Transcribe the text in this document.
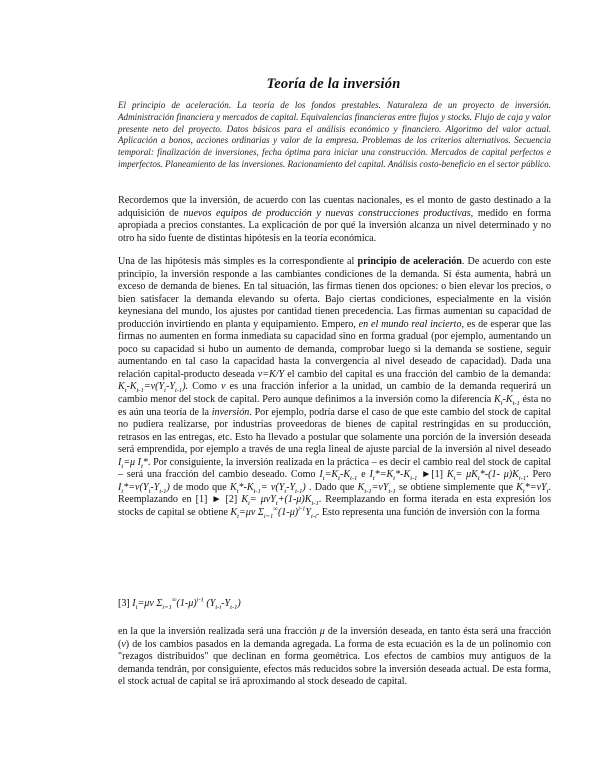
Teoría de la inversión
El principio de aceleración. La teoría de los fondos prestables. Naturaleza de un proyecto de inversión. Administración financiera y mercados de capital. Equivalencias financieras entre flujos y stocks. Flujo de caja y valor presente neto del proyecto. Datos básicos para el análisis económico y financiero. Algoritmo del valor actual. Aplicación a bonos, acciones ordinarias y valor de la empresa. Problemas de los criterios alternativos. Secuencia temporal: finalización de inversiones, fecha óptima para iniciar una construcción. Mercados de capital perfectos e imperfectos. Planeamiento de las inversiones. Racionamiento del capital. Análisis costo-beneficio en el sector público.
Recordemos que la inversión, de acuerdo con las cuentas nacionales, es el monto de gasto destinado a la adquisición de nuevos equipos de producción y nuevas construcciones productivas, medido en forma apropiada a precios constantes. La explicación de por qué la inversión alcanza un nivel determinado y no otro ha sido fuente de distintas hipótesis en la teoría económica.
Una de las hipótesis más simples es la correspondiente al principio de aceleración. De acuerdo con este principio, la inversión responde a las cambiantes condiciones de la demanda. Si ésta aumenta, habrá un exceso de demanda de bienes. En tal situación, las firmas tienen dos opciones: o bien elevar los precios, o bien satisfacer la demanda elevando su oferta. Bajo ciertas condiciones, especialmente en la visión keynesiana del mundo, los ajustes por cantidad tienen precedencia. Las firmas aumentan su capacidad de producción invirtiendo en planta y equipamiento. Empero, en el mundo real incierto, es de esperar que las firmas no aumenten en forma inmediata su capacidad sino en forma gradual (por ejemplo, aumentando un poco su capacidad si hubo un aumento de demanda, comprobar luego si la demanda se sostiene, seguir aumentando en tal caso la capacidad hasta la convergencia al nivel deseado de capacidad). Dada una relación capital-producto deseada v=K/Y el cambio del capital es una fracción del cambio de la demanda: $K_t-K_{t-1}=v(Y_t-Y_{t-1})$. Como v es una fracción inferior a la unidad, un cambio de la demanda requerirá un cambio menor del stock de capital. Pero aunque definimos a la inversión como la diferencia $K_t-K_{t-1}$ ésta no es aún una teoría de la inversión. Por ejemplo, podría darse el caso de que este cambio del stock de capital no pudiera realizarse, por industrias proveedoras de bienes de capital restringidas en su producción, retrasos en las entregas, etc. Esto ha llevado a postular que solamente una porción de la inversión deseada será emprendida, por ejemplo a través de una regla lineal de ajuste parcial de la inversión al nivel deseado $I_t=\mu$ $I_t*$. Por consiguiente, la inversión realizada en la práctica – es decir el cambio real del stock de capital – será una fracción del cambio deseado. Como $I_t=K_t-K_{t-1}$ e $I_t*=K_t*-K_{t-1}$ ►[1] $K_t= \mu K_t*-(1-$ $\mu)K_{t-1}$. Pero $I_t*=v(Y_t-Y_{t-1})$ de modo que $K_t*-K_{t-1}= v(Y_t-Y_{t-1})$ . Dado que $K_{t-1}=vY_{t-1}$ se obtiene simplemente que $K_t*=vY_t$. Reemplazando en [1] ► [2] $K_t= \mu vY_t+(1-\mu)K_{t-1}$. Reemplazando en forma iterada en esta expresión los stocks de capital se obtiene $K_t=\mu v$ $\Sigma_{i=1}^\infty(1-\mu)^{i-1}Y_{t-i}$. Esto representa una función de inversión con la forma
[3] $I_t=\mu v$ $\Sigma_{i=1}^\infty(1-\mu)^{i-1}$ $(Y_{t-i}-Y_{t-1})$
en la que la inversión realizada será una fracción μ de la inversión deseada, en tanto ésta será una fracción (v) de los cambios pasados en la demanda agregada. La forma de esta ecuación es la de un polinomio con "rezagos distribuidos" que declinan en forma geométrica. Los efectos de cambios muy antiguos de la demanda tendrán, por consiguiente, efectos más reducidos sobre la inversión deseada actual. De esta forma, el stock actual de capital se irá aproximando al stock deseado de capital.
